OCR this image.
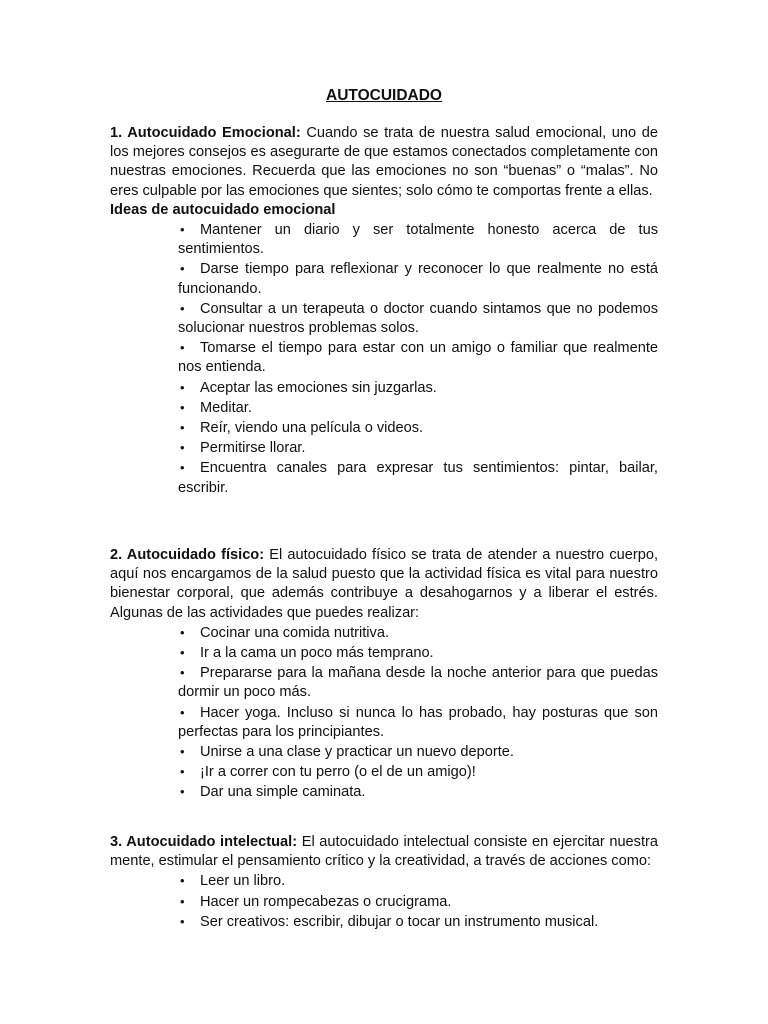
AUTOCUIDADO

1. Autocuidado Emocional: Cuando se trata de nuestra salud emocional, uno de los mejores consejos es asegurarte de que estamos conectados completamente con nuestras emociones. Recuerda que las emociones no son “buenas” o “malas”. No eres culpable por las emociones que sientes; solo cómo te comportas frente a ellas.

Ideas de autocuidado emocional

•Mantener un diario y ser totalmente honesto acerca de tus sentimientos.
•Darse tiempo para reflexionar y reconocer lo que realmente no está funcionando.
•Consultar a un terapeuta o doctor cuando sintamos que no podemos solucionar nuestros problemas solos.
•Tomarse el tiempo para estar con un amigo o familiar que realmente nos entienda.
•Aceptar las emociones sin juzgarlas.
•Meditar.
•Reír, viendo una película o videos.
•Permitirse llorar.
•Encuentra canales para expresar tus sentimientos: pintar, bailar, escribir.

2. Autocuidado físico: El autocuidado físico se trata de atender a nuestro cuerpo, aquí nos encargamos de la salud puesto que la actividad física es vital para nuestro bienestar corporal, que además contribuye a desahogarnos y a liberar el estrés. Algunas de las actividades que puedes realizar:

•Cocinar una comida nutritiva.
•Ir a la cama un poco más temprano.
•Prepararse para la mañana desde la noche anterior para que puedas dormir un poco más.
•Hacer yoga. Incluso si nunca lo has probado, hay posturas que son perfectas para los principiantes.
•Unirse a una clase y practicar un nuevo deporte.
•¡Ir a correr con tu perro (o el de un amigo)!
•Dar una simple caminata.

3. Autocuidado intelectual: El autocuidado intelectual consiste en ejercitar nuestra mente, estimular el pensamiento crítico y la creatividad, a través de acciones como:

•Leer un libro.
•Hacer un rompecabezas o crucigrama.
•Ser creativos: escribir, dibujar o tocar un instrumento musical.
